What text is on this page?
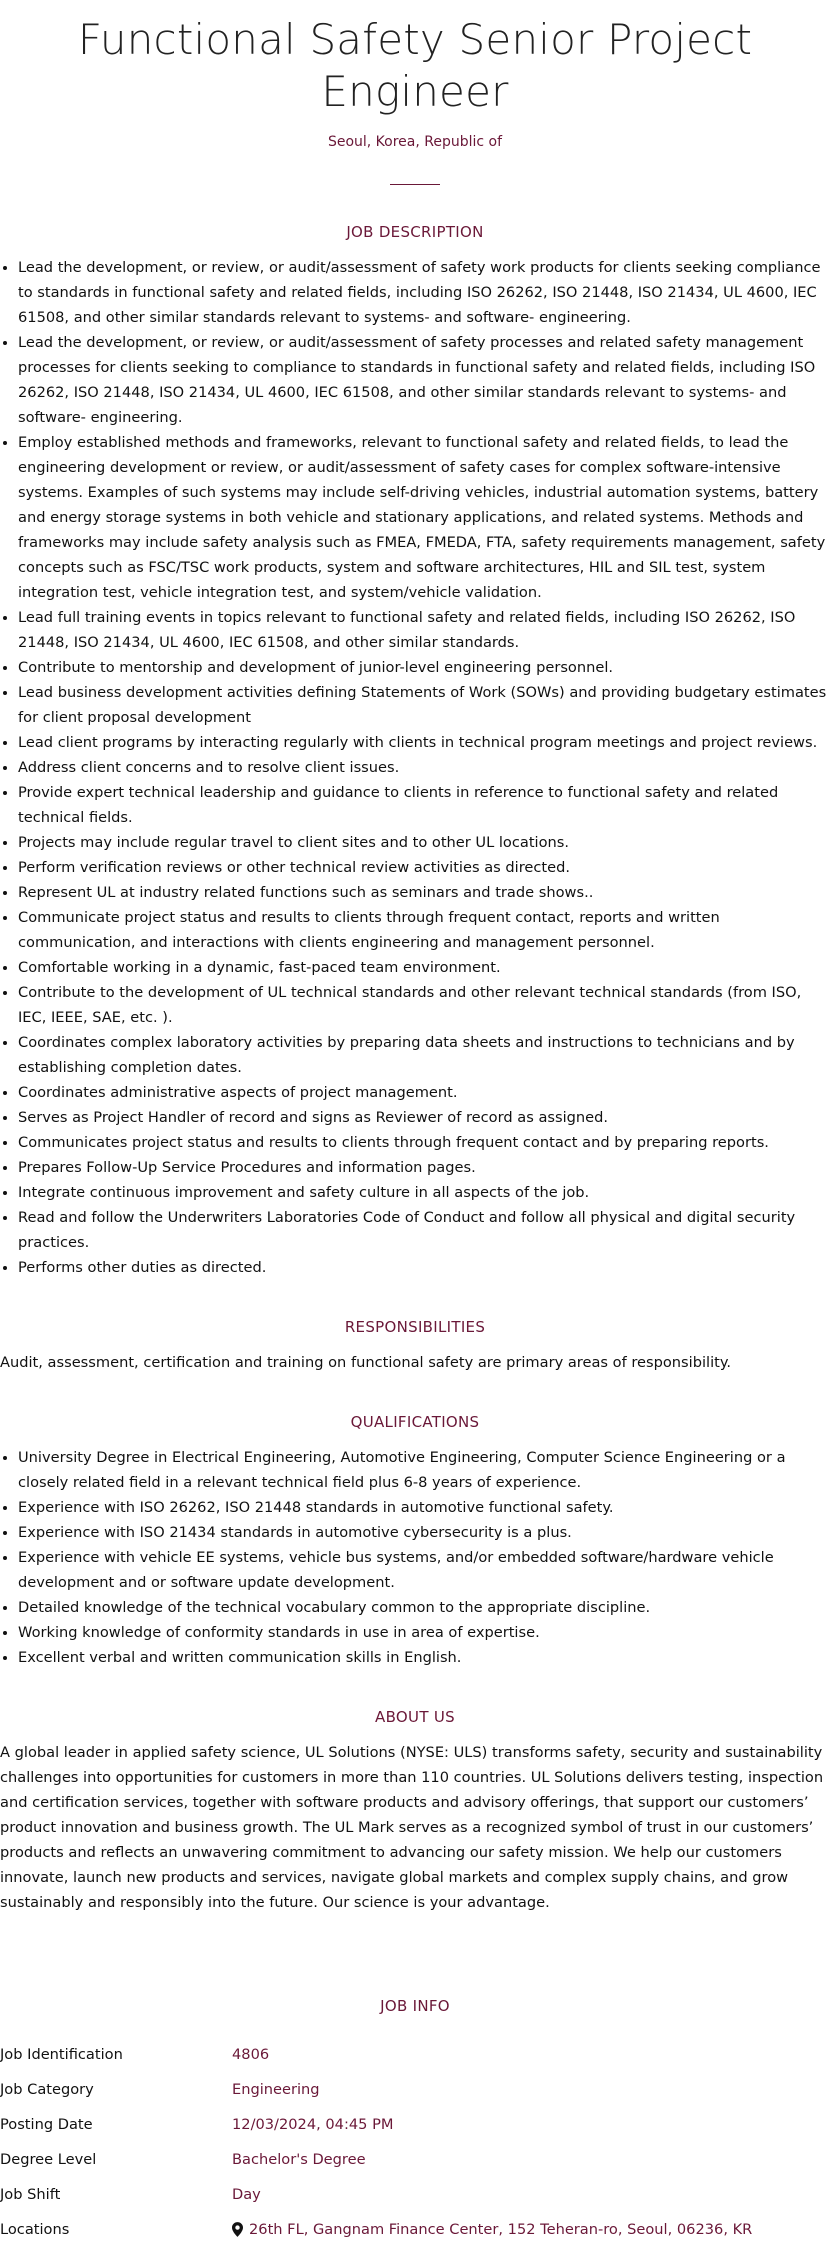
Functional Safety Senior Project Engineer
Seoul, Korea, Republic of
JOB DESCRIPTION
• Lead the development, or review, or audit/assessment of safety work products for clients seeking compliance to standards in functional safety and related fields, including ISO 26262, ISO 21448, ISO 21434, UL 4600, IEC 61508, and other similar standards relevant to systems- and software- engineering.
• Lead the development, or review, or audit/assessment of safety processes and related safety management processes for clients seeking to compliance to standards in functional safety and related fields, including ISO 26262, ISO 21448, ISO 21434, UL 4600, IEC 61508, and other similar standards relevant to systems- and software- engineering.
• Employ established methods and frameworks, relevant to functional safety and related fields, to lead the engineering development or review, or audit/assessment of safety cases for complex software-intensive systems. Examples of such systems may include self-driving vehicles, industrial automation systems, battery and energy storage systems in both vehicle and stationary applications, and related systems. Methods and frameworks may include safety analysis such as FMEA, FMEDA, FTA, safety requirements management, safety concepts such as FSC/TSC work products, system and software architectures, HIL and SIL test, system integration test, vehicle integration test, and system/vehicle validation.
• Lead full training events in topics relevant to functional safety and related fields, including ISO 26262, ISO 21448, ISO 21434, UL 4600, IEC 61508, and other similar standards.
• Contribute to mentorship and development of junior-level engineering personnel.
• Lead business development activities defining Statements of Work (SOWs) and providing budgetary estimates for client proposal development
• Lead client programs by interacting regularly with clients in technical program meetings and project reviews.
• Address client concerns and to resolve client issues.
• Provide expert technical leadership and guidance to clients in reference to functional safety and related technical fields.
• Projects may include regular travel to client sites and to other UL locations.
• Perform verification reviews or other technical review activities as directed.
• Represent UL at industry related functions such as seminars and trade shows..
• Communicate project status and results to clients through frequent contact, reports and written communication, and interactions with clients engineering and management personnel.
• Comfortable working in a dynamic, fast-paced team environment.
• Contribute to the development of UL technical standards and other relevant technical standards (from ISO, IEC, IEEE, SAE, etc. ).
• Coordinates complex laboratory activities by preparing data sheets and instructions to technicians and by establishing completion dates.
• Coordinates administrative aspects of project management.
• Serves as Project Handler of record and signs as Reviewer of record as assigned.
• Communicates project status and results to clients through frequent contact and by preparing reports.
• Prepares Follow-Up Service Procedures and information pages.
• Integrate continuous improvement and safety culture in all aspects of the job.
• Read and follow the Underwriters Laboratories Code of Conduct and follow all physical and digital security practices.
• Performs other duties as directed.
RESPONSIBILITIES

Audit, assessment, certification and training on functional safety are primary areas of responsibility.

QUALIFICATIONS
• University Degree in Electrical Engineering, Automotive Engineering, Computer Science Engineering or a closely related field in a relevant technical field plus 6-8 years of experience.
• Experience with ISO 26262, ISO 21448 standards in automotive functional safety.
• Experience with ISO 21434 standards in automotive cybersecurity is a plus.
• Experience with vehicle EE systems, vehicle bus systems, and/or embedded software/hardware vehicle development and or software update development.
• Detailed knowledge of the technical vocabulary common to the appropriate discipline.
• Working knowledge of conformity standards in use in area of expertise.
• Excellent verbal and written communication skills in English.
ABOUT US

A global leader in applied safety science, UL Solutions (NYSE: ULS) transforms safety, security and sustainability challenges into opportunities for customers in more than 110 countries. UL Solutions delivers testing, inspection and certification services, together with software products and advisory offerings, that support our customers’ product innovation and business growth. The UL Mark serves as a recognized symbol of trust in our customers’ products and reflects an unwavering commitment to advancing our safety mission. We help our customers innovate, launch new products and services, navigate global markets and complex supply chains, and grow sustainably and responsibly into the future. Our science is your advantage.

JOB INFO
Job Identification	4806
Job Category	Engineering
Posting Date	12/03/2024, 04:45 PM
Degree Level	Bachelor's Degree
Job Shift	Day
Locations	26th FL, Gangnam Finance Center, 152 Teheran-ro, Seoul, 06236, KR
